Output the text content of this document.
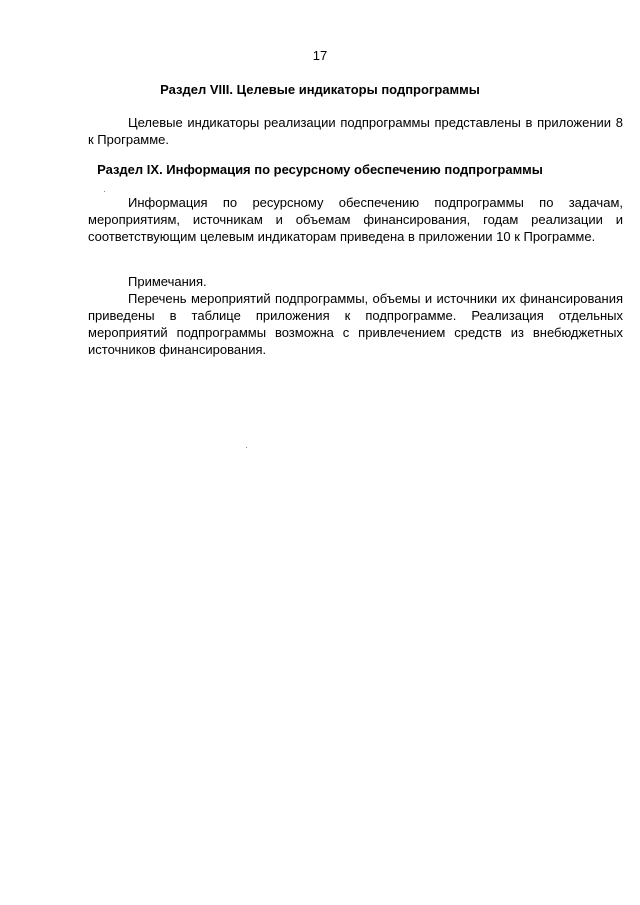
17
Раздел VIII. Целевые индикаторы подпрограммы
Целевые индикаторы реализации подпрограммы представлены в приложении 8 к Программе.
Раздел IX. Информация по ресурсному обеспечению подпрограммы
Информация по ресурсному обеспечению подпрограммы по задачам, мероприятиям, источникам и объемам финансирования, годам реализации и соответствующим целевым индикаторам приведена в приложении 10 к Программе.
Примечания.
Перечень мероприятий подпрограммы, объемы и источники их финансирования приведены в таблице приложения к подпрограмме. Реализация отдельных мероприятий подпрограммы возможна с привлечением средств из внебюджетных источников финансирования.
